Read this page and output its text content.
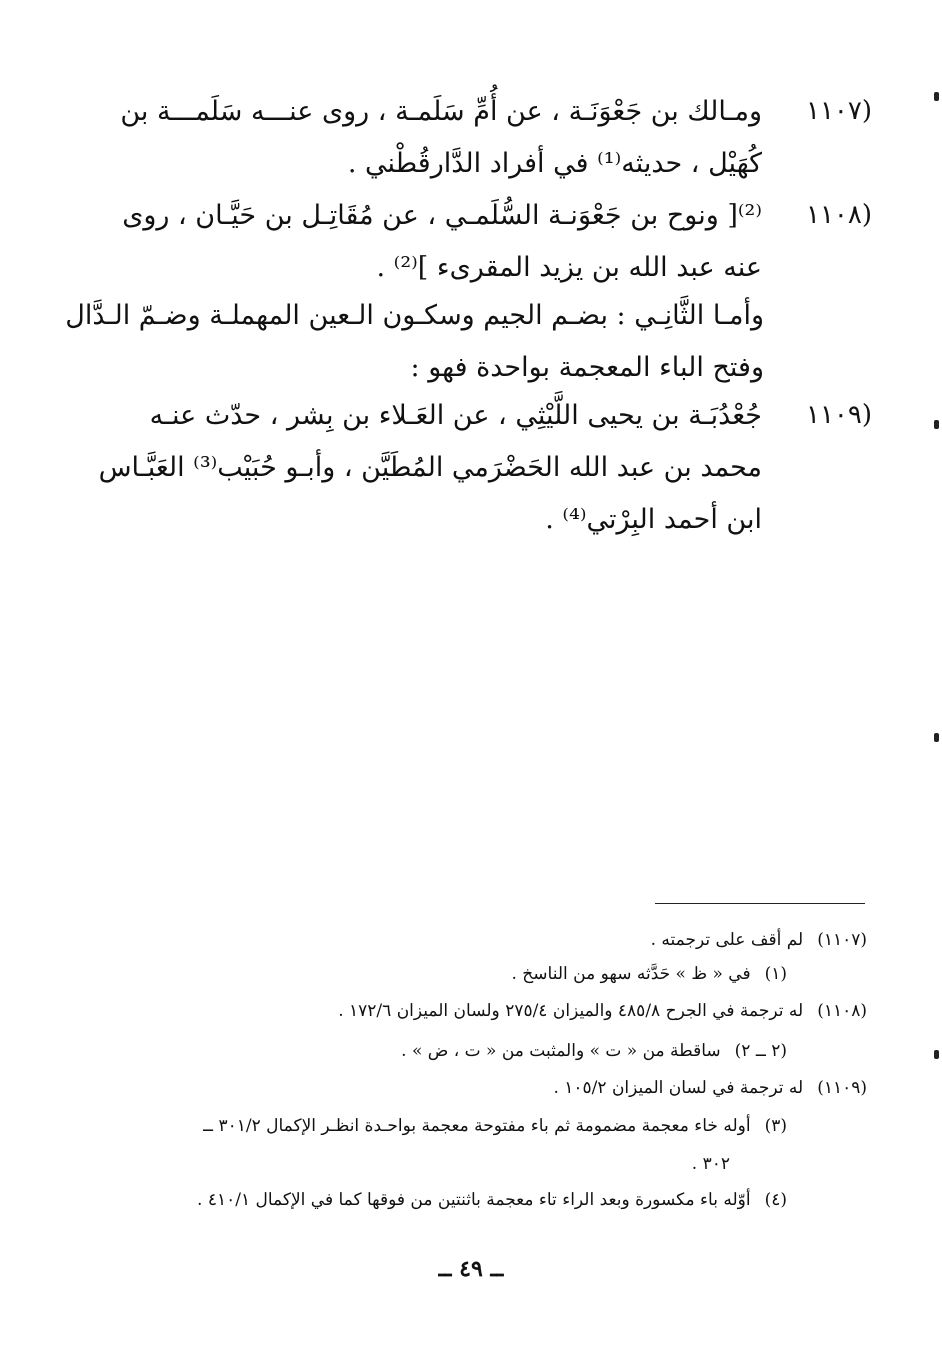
(١١٠٧
ومـالك بن جَعْوَنَـة ، عن أُمِّ سَلَمـة ، روى عنـــه سَلَمـــة بن
كُهَيْل ، حديثه⁽¹⁾ في أفراد الدَّارقُطْني .
(١١٠٨
⁽²⁾[ ونوح بن جَعْوَنـة السُّلَمـي ، عن مُقَاتِـل بن حَيَّـان ، روى
عنه عبد الله بن يزيد المقرىء ]⁽²⁾ .
وأمـا الثَّانِـي : بضـم الجيم وسكـون الـعين المهملـة وضـمّ الـدَّال
وفتح الباء المعجمة بواحدة فهو :
(١١٠٩
جُعْدُبَـة بن يحيى اللَّيْثِي ، عن العَـلاء بن بِشر ، حدّث عنـه
محمد بن عبد الله الحَضْرَمي المُطَيَّن ، وأبـو حُبَيْب⁽³⁾ العَبَّـاس
ابن أحمد البِرْتي⁽⁴⁾ .
(١١٠٧)لم أقف على ترجمته .
(١)في « ظ » حَدَّثه سهو من الناسخ .
(١١٠٨)له ترجمة في الجرح ٤٨٥/٨ والميزان ٢٧٥/٤ ولسان الميزان ١٧٢/٦ .
(٢ ــ ٢)ساقطة من « ت » والمثبت من « ت ، ض » .
(١١٠٩)له ترجمة في لسان الميزان ١٠٥/٢ .
(٣)أوله خاء معجمة مضمومة ثم باء مفتوحة معجمة بواحـدة انظـر الإكمال ٣٠١/٢ ــ
٣٠٢ .
(٤)أوّله باء مكسورة وبعد الراء تاء معجمة باثنتين من فوقها كما في الإكمال ٤١٠/١ .
ــ ٤٩ ــ
